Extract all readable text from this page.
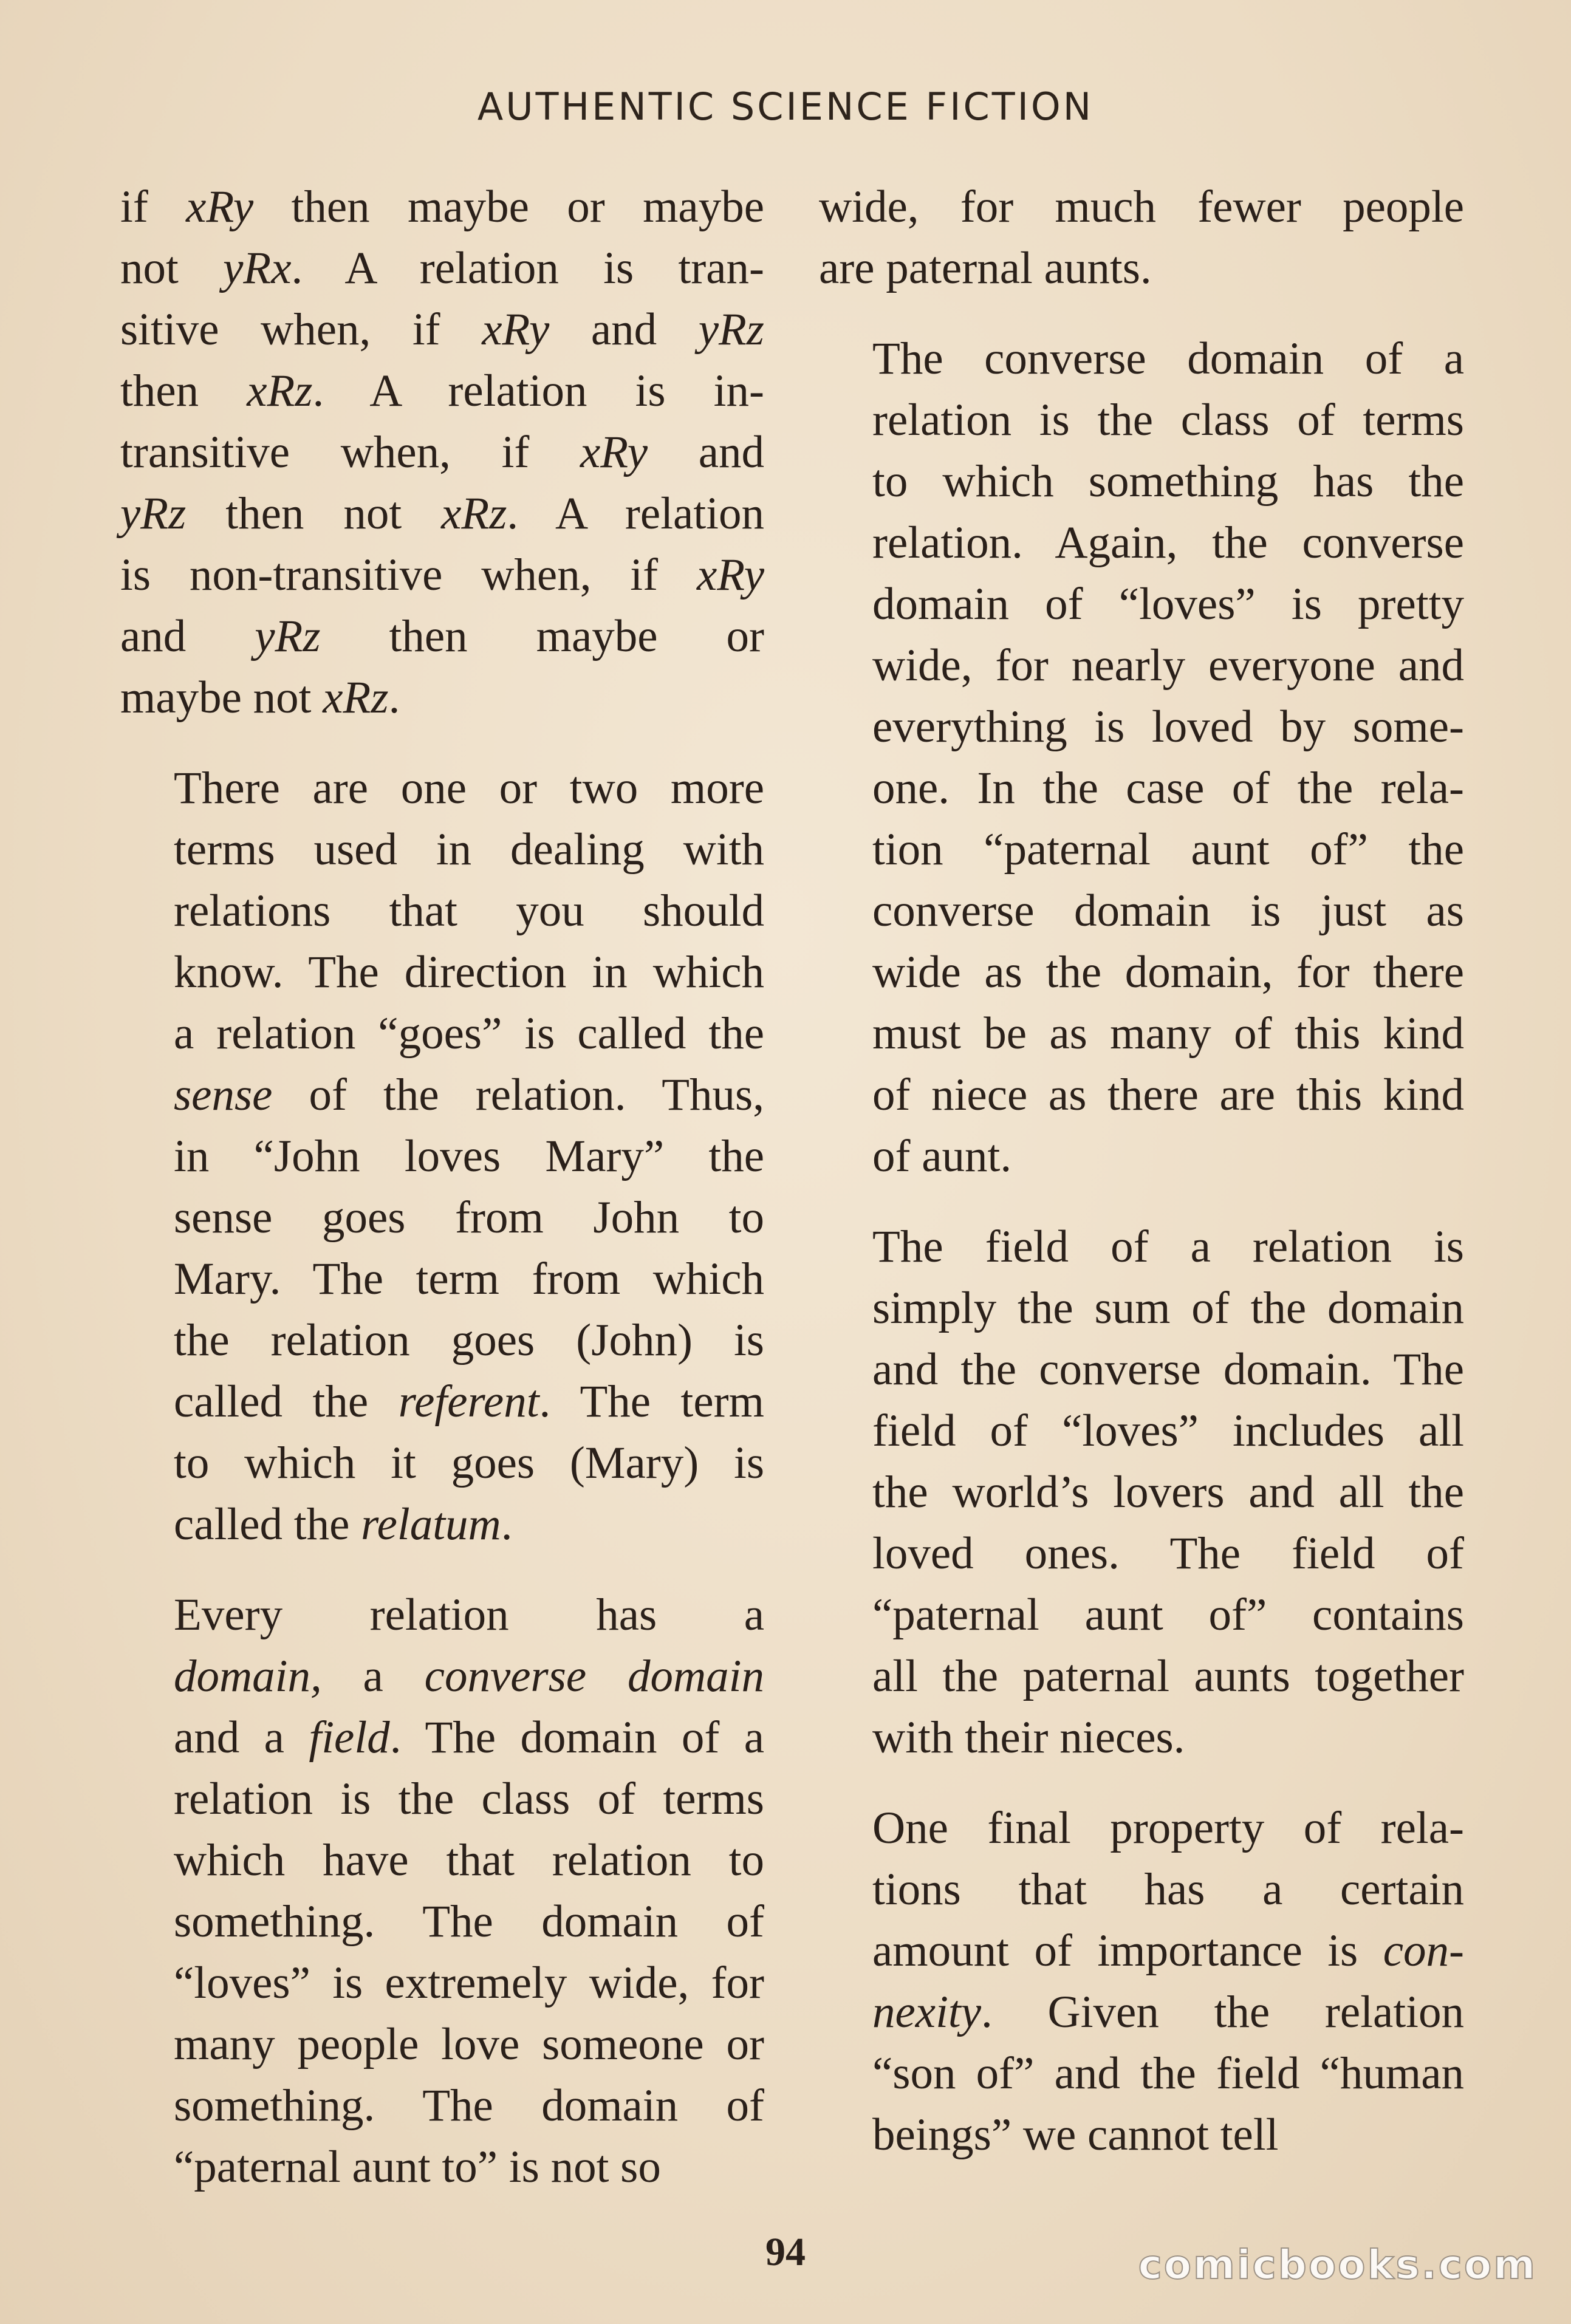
AUTHENTIC SCIENCE FICTION
if xRy then maybe or maybe
not yRx. A relation is tran-
sitive when, if xRy and yRz
then xRz. A relation is in-
transitive when, if xRy and
yRz then not xRz. A relation
is non-transitive when, if xRy
and yRz then maybe or
maybe not xRz.
There are one or two more
terms used in dealing with
relations that you should
know. The direction in which
a relation “goes” is called the
sense of the relation. Thus,
in “John loves Mary” the
sense goes from John to
Mary. The term from which
the relation goes (John) is
called the referent. The term
to which it goes (Mary) is
called the relatum.
Every relation has a
domain, a converse domain
and a field. The domain of a
relation is the class of terms
which have that relation to
something. The domain of
“loves” is extremely wide, for
many people love someone or
something. The domain of
“paternal aunt to” is not so
wide, for much fewer people
are paternal aunts.
The converse domain of a
relation is the class of terms
to which something has the
relation. Again, the converse
domain of “loves” is pretty
wide, for nearly everyone and
everything is loved by some-
one. In the case of the rela-
tion “paternal aunt of” the
converse domain is just as
wide as the domain, for there
must be as many of this kind
of niece as there are this kind
of aunt.
The field of a relation is
simply the sum of the domain
and the converse domain. The
field of “loves” includes all
the world’s lovers and all the
loved ones. The field of
“paternal aunt of” contains
all the paternal aunts together
with their nieces.
One final property of rela-
tions that has a certain
amount of importance is con-
nexity. Given the relation
“son of” and the field “human
beings” we cannot tell
94	comicbooks.com
